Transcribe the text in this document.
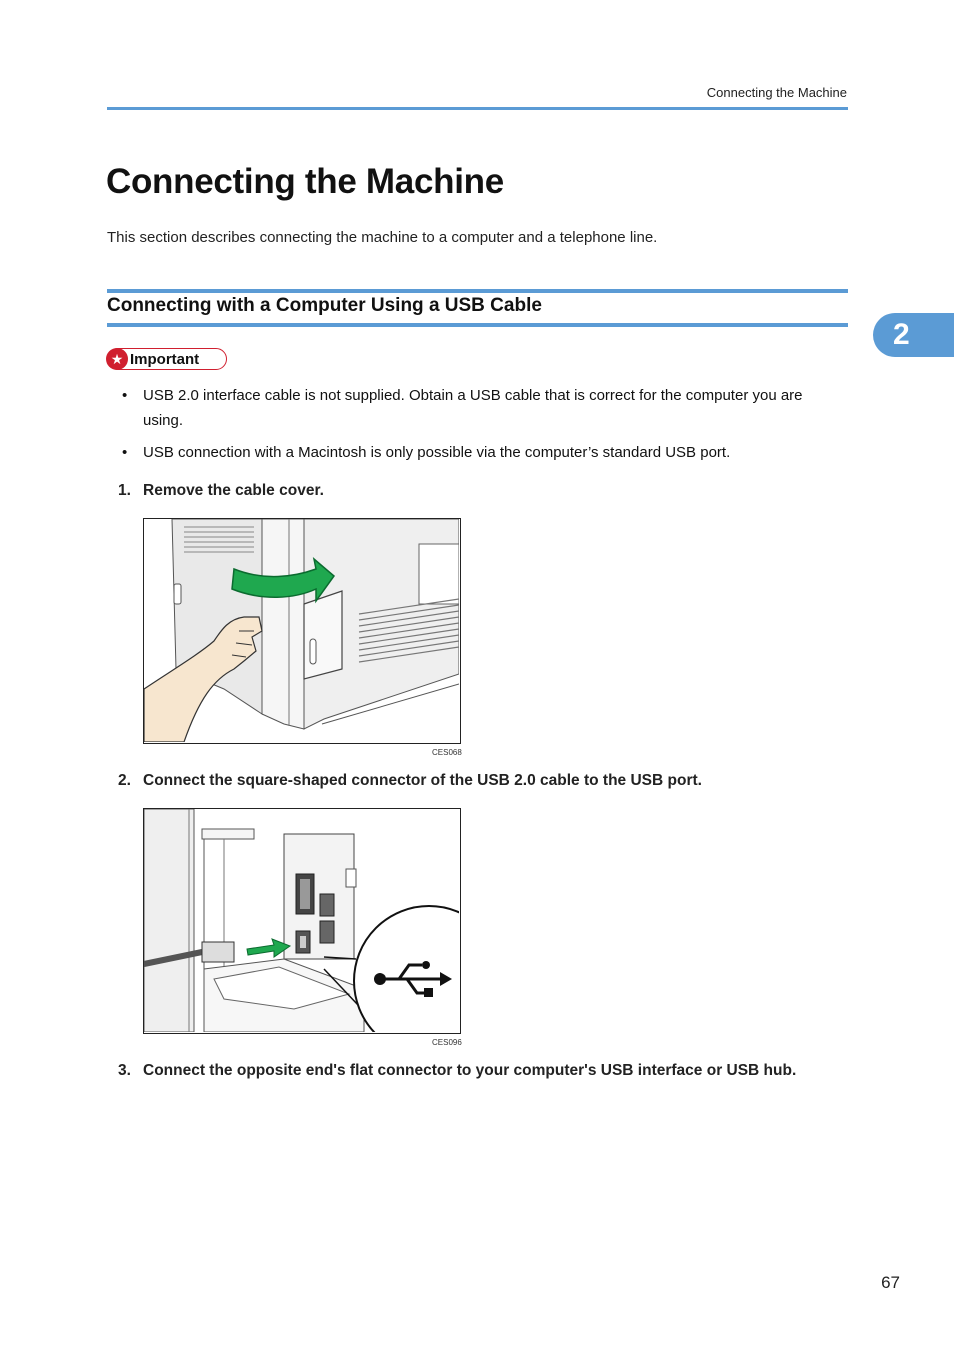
Connecting the Machine
Connecting the Machine
This section describes connecting the machine to a computer and a telephone line.
Connecting with a Computer Using a USB Cable
2
★ Important
• USB 2.0 interface cable is not supplied. Obtain a USB cable that is correct for the computer you are using.
• USB connection with a Macintosh is only possible via the computer’s standard USB port.
1. Remove the cable cover.
CES068
2. Connect the square-shaped connector of the USB 2.0 cable to the USB port.
CES096
3. Connect the opposite end's flat connector to your computer's USB interface or USB hub.
67
